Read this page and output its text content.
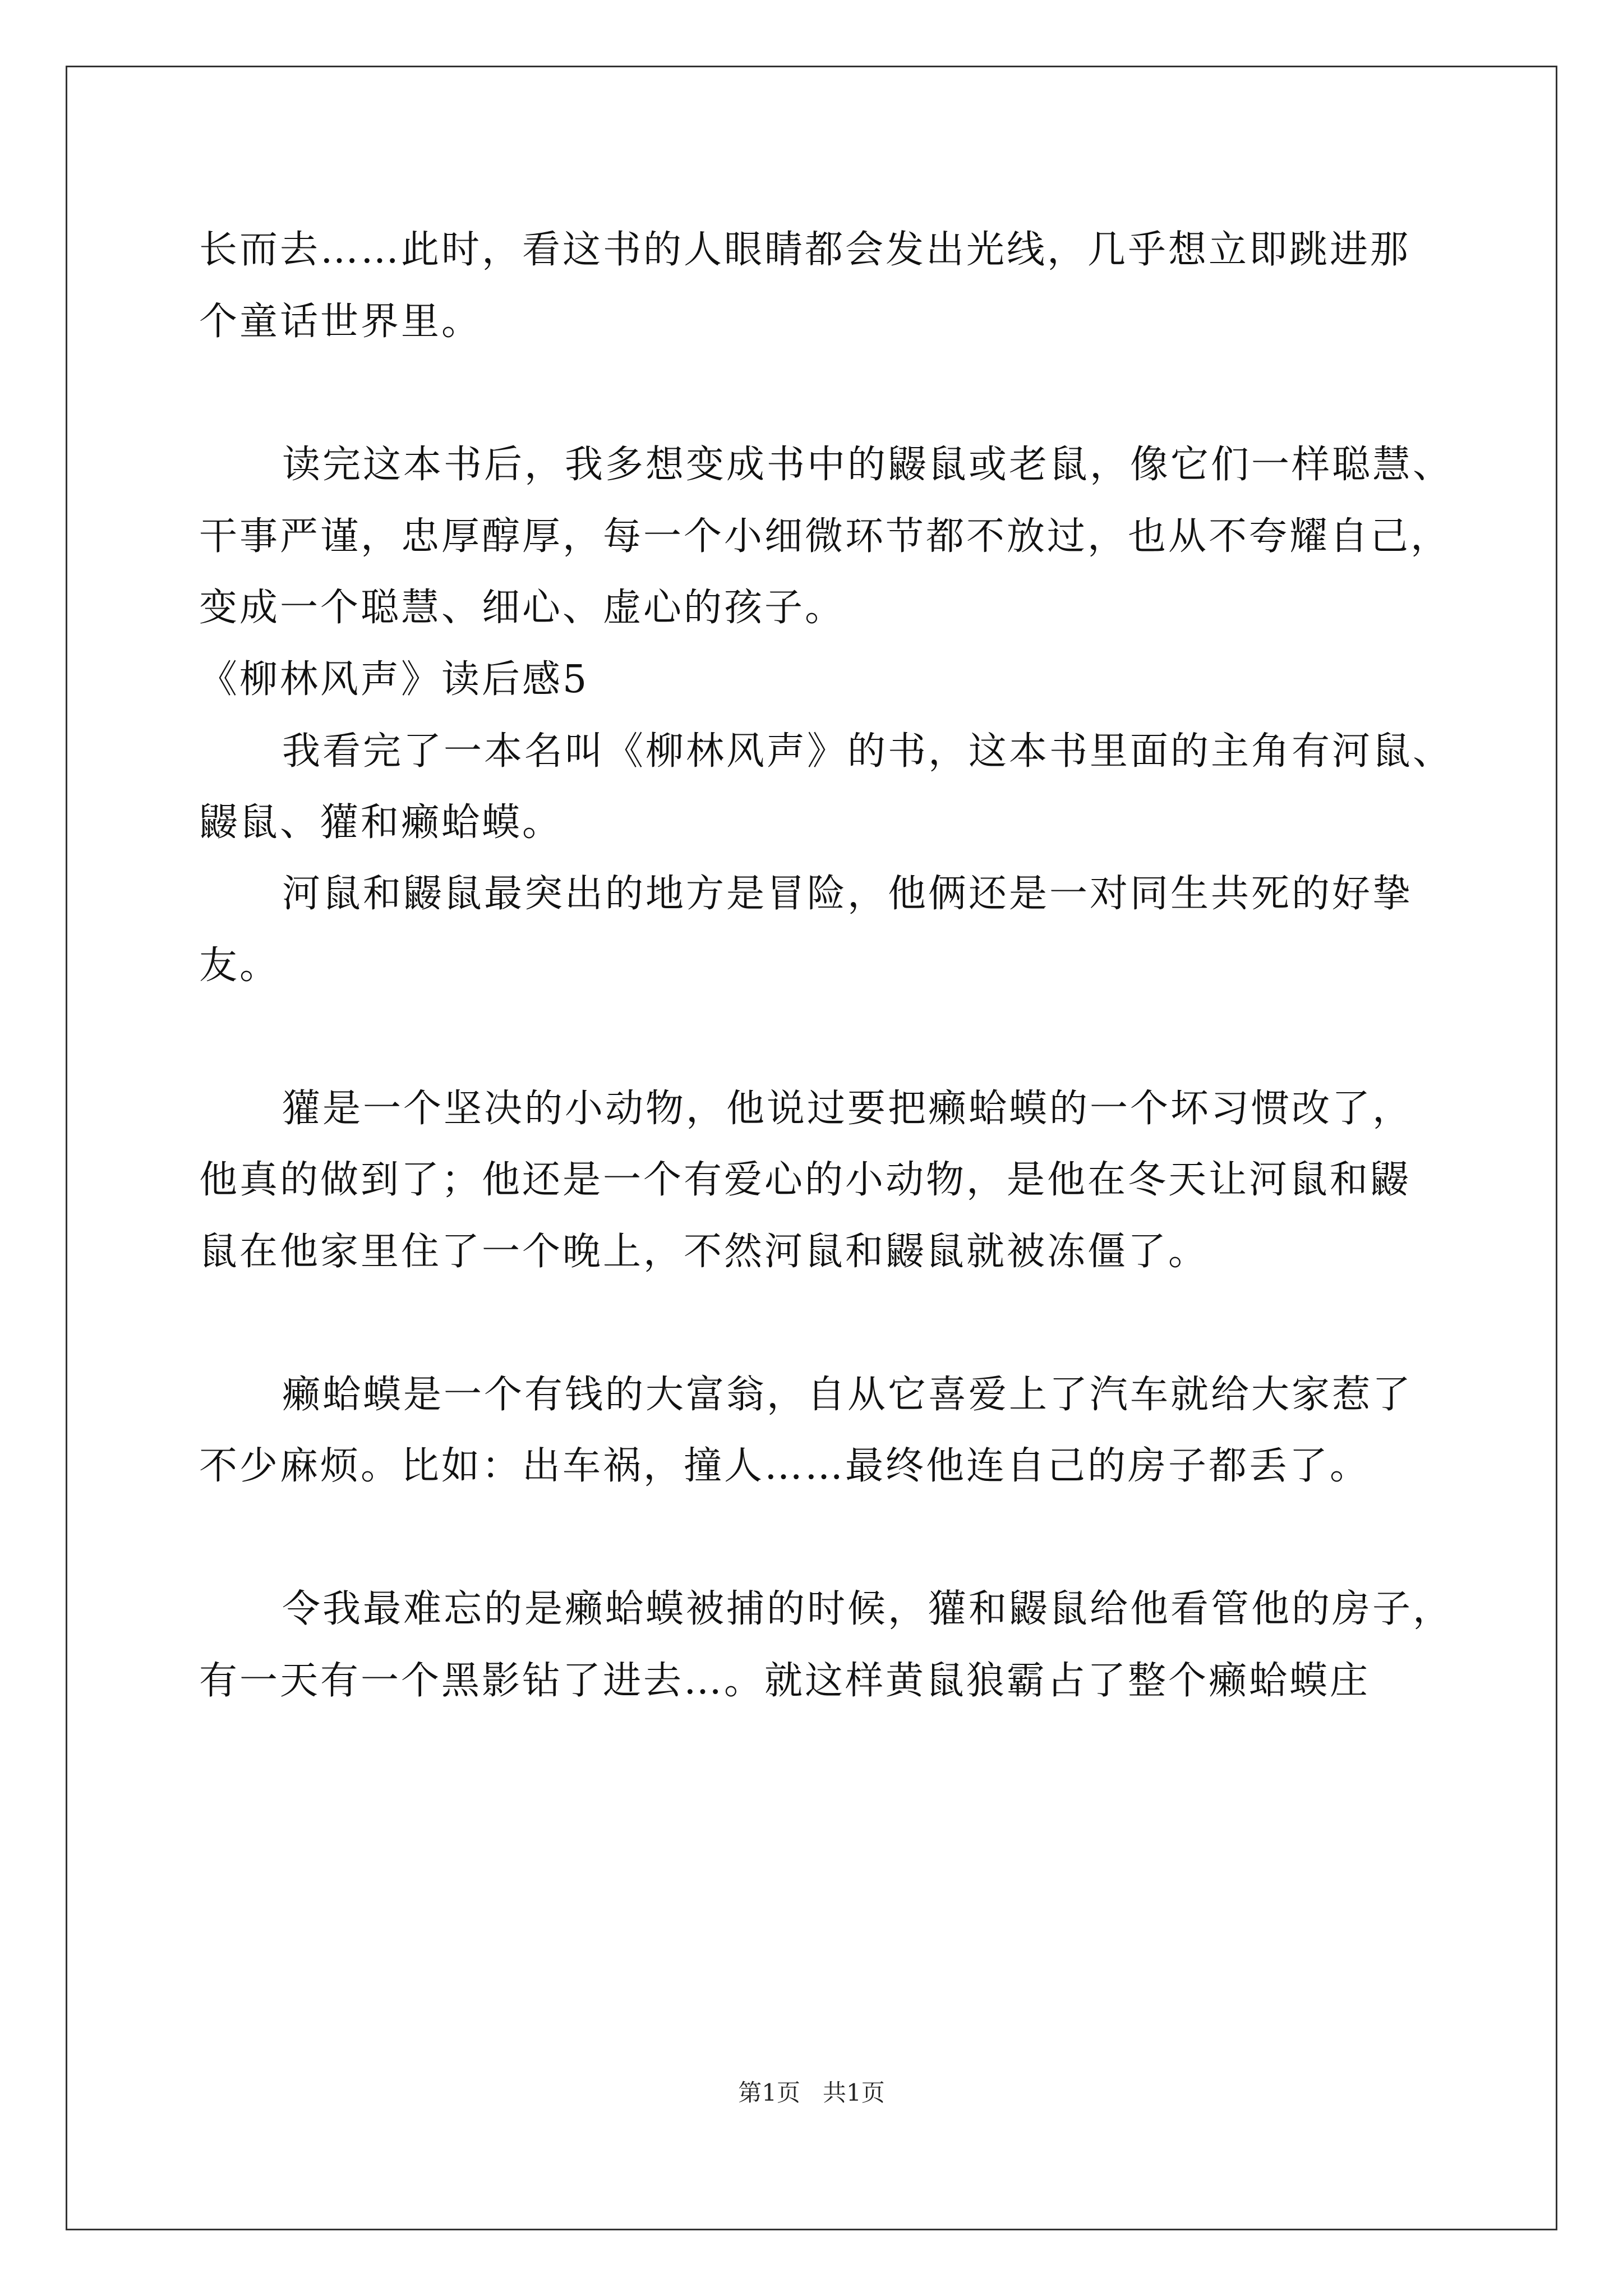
长而去……此时，看这书的人眼睛都会发出光线，几乎想立即跳进那
个童话世界里。
读完这本书后，我多想变成书中的鼹鼠或老鼠，像它们一样聪慧、
干事严谨，忠厚醇厚，每一个小细微环节都不放过，也从不夸耀自己，
变成一个聪慧、细心、虚心的孩子。
《柳林风声》读后感5
我看完了一本名叫《柳林风声》的书，这本书里面的主角有河鼠、
鼹鼠、獾和癞蛤蟆。
河鼠和鼹鼠最突出的地方是冒险，他俩还是一对同生共死的好挚
友。
獾是一个坚决的小动物，他说过要把癞蛤蟆的一个坏习惯改了，
他真的做到了；他还是一个有爱心的小动物，是他在冬天让河鼠和鼹
鼠在他家里住了一个晚上，不然河鼠和鼹鼠就被冻僵了。
癞蛤蟆是一个有钱的大富翁，自从它喜爱上了汽车就给大家惹了
不少麻烦。比如：出车祸，撞人……最终他连自己的房子都丢了。
令我最难忘的是癞蛤蟆被捕的时候，獾和鼹鼠给他看管他的房子，
有一天有一个黑影钻了进去…。就这样黄鼠狼霸占了整个癞蛤蟆庄
第1页   共1页
